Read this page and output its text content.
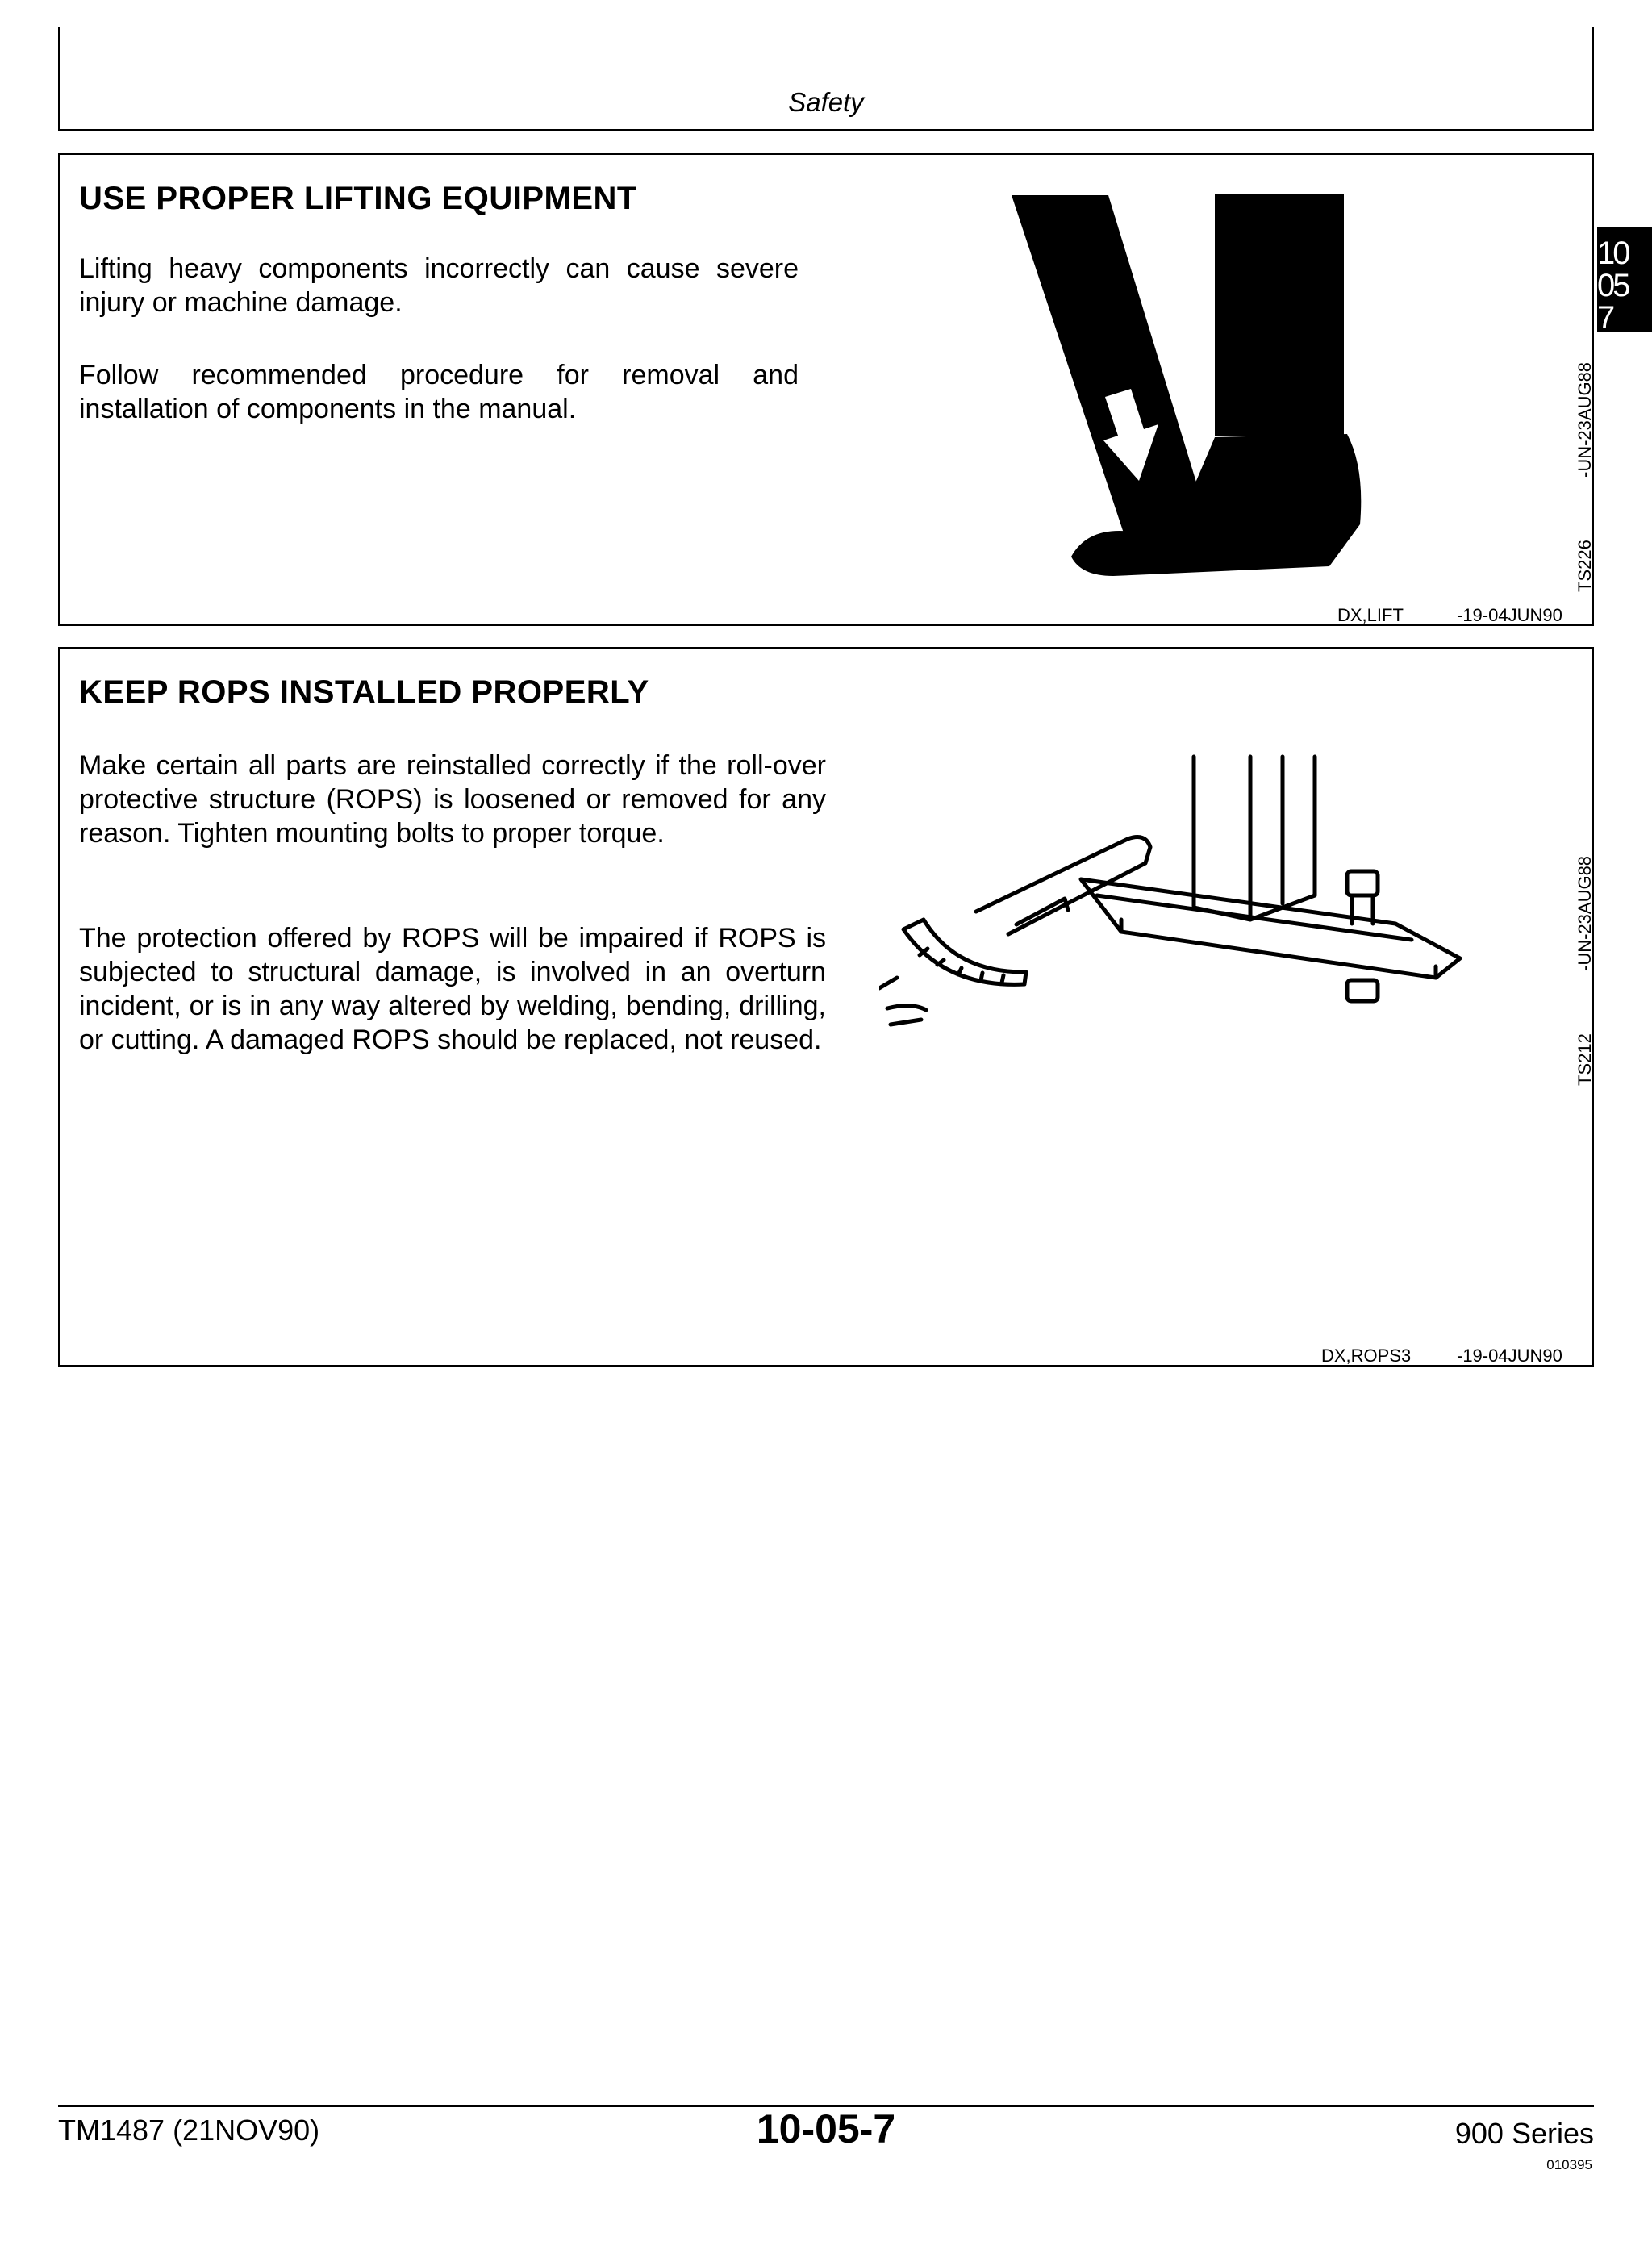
Safety
10
05
7
USE PROPER LIFTING EQUIPMENT
Lifting heavy components incorrectly can cause severe injury or machine damage.
Follow recommended procedure for removal and installation of components in the manual.	-UN-23AUG88
TS226
DX,LIFT	-19-04JUN90
KEEP ROPS INSTALLED PROPERLY
Make certain all parts are reinstalled correctly if the roll-over protective structure (ROPS) is loosened or removed for any reason. Tighten mounting bolts to proper torque.
The protection offered by ROPS will be impaired if ROPS is subjected to structural damage, is involved in an overturn incident, or is in any way altered by welding, bending, drilling, or cutting. A damaged ROPS should be replaced, not reused.
-UN-23AUG88
TS212
DX,ROPS3	-19-04JUN90
TM1487 (21NOV90)	10-05-7	900 Series
010395
